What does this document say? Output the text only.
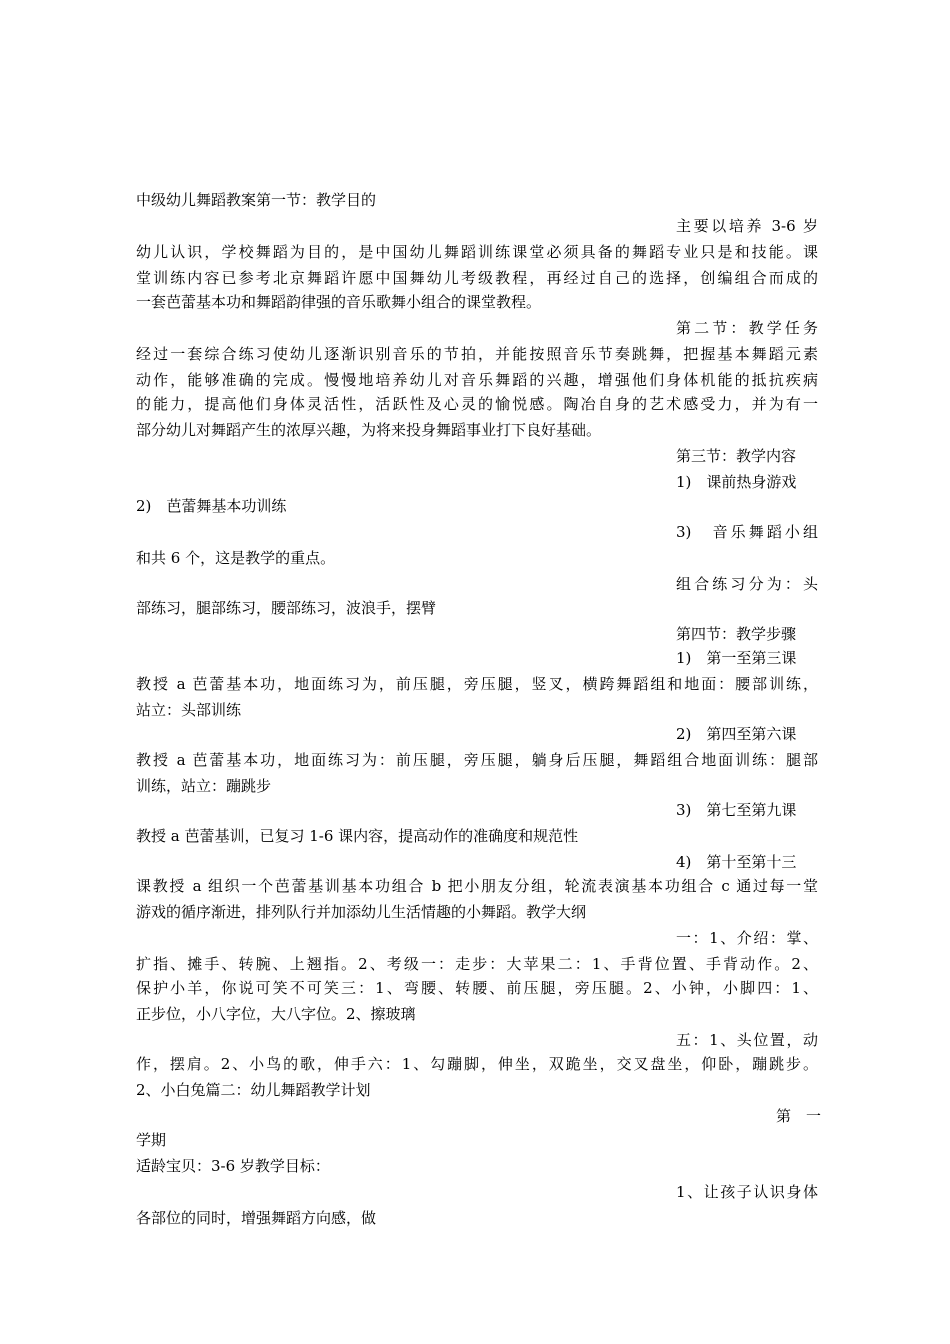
中级幼儿舞蹈教案第一节：教学目的
主要以培养 3-6 岁
幼儿认识，学校舞蹈为目的，是中国幼儿舞蹈训练课堂必须具备的舞蹈专业只是和技能。课
堂训练内容已参考北京舞蹈许愿中国舞幼儿考级教程，再经过自己的选择，创编组合而成的
一套芭蕾基本功和舞蹈韵律强的音乐歌舞小组合的课堂教程。
第二节：教学任务
经过一套综合练习使幼儿逐渐识别音乐的节拍，并能按照音乐节奏跳舞，把握基本舞蹈元素
动作，能够准确的完成。慢慢地培养幼儿对音乐舞蹈的兴趣，增强他们身体机能的抵抗疾病
的能力，提高他们身体灵活性，活跃性及心灵的愉悦感。陶冶自身的艺术感受力，并为有一
部分幼儿对舞蹈产生的浓厚兴趣，为将来投身舞蹈事业打下良好基础。
第三节：教学内容
1)　课前热身游戏
2)　芭蕾舞基本功训练
3)　音乐舞蹈小组
和共 6 个，这是教学的重点。
组合练习分为：头
部练习，腿部练习，腰部练习，波浪手，摆臂
第四节：教学步骤
1)　第一至第三课
教授 a 芭蕾基本功，地面练习为，前压腿，旁压腿，竖叉，横跨舞蹈组和地面：腰部训练，
站立：头部训练
2)　第四至第六课
教授 a 芭蕾基本功，地面练习为：前压腿，旁压腿，躺身后压腿，舞蹈组合地面训练：腿部
训练，站立：蹦跳步
3)　第七至第九课
教授 a 芭蕾基训，已复习 1-6 课内容，提高动作的准确度和规范性
4)　第十至第十三
课教授 a 组织一个芭蕾基训基本功组合 b 把小朋友分组，轮流表演基本功组合 c 通过每一堂
游戏的循序渐进，排列队行并加添幼儿生活情趣的小舞蹈。教学大纲
一：1、介绍：掌、
扩指、摊手、转腕、上翘指。2、考级一：走步：大苹果二：1、手背位置、手背动作。2、
保护小羊，你说可笑不可笑三：1、弯腰、转腰、前压腿，旁压腿。2、小钟，小脚四：1、
正步位，小八字位，大八字位。2、擦玻璃
五：1、头位置，动
作，摆肩。2、小鸟的歌，伸手六：1、勾蹦脚，伸坐，双跪坐，交叉盘坐，仰卧，蹦跳步。
2、小白兔篇二：幼儿舞蹈教学计划
第　一
学期
适龄宝贝：3-6 岁教学目标：
1、让孩子认识身体
各部位的同时，增强舞蹈方向感，做
